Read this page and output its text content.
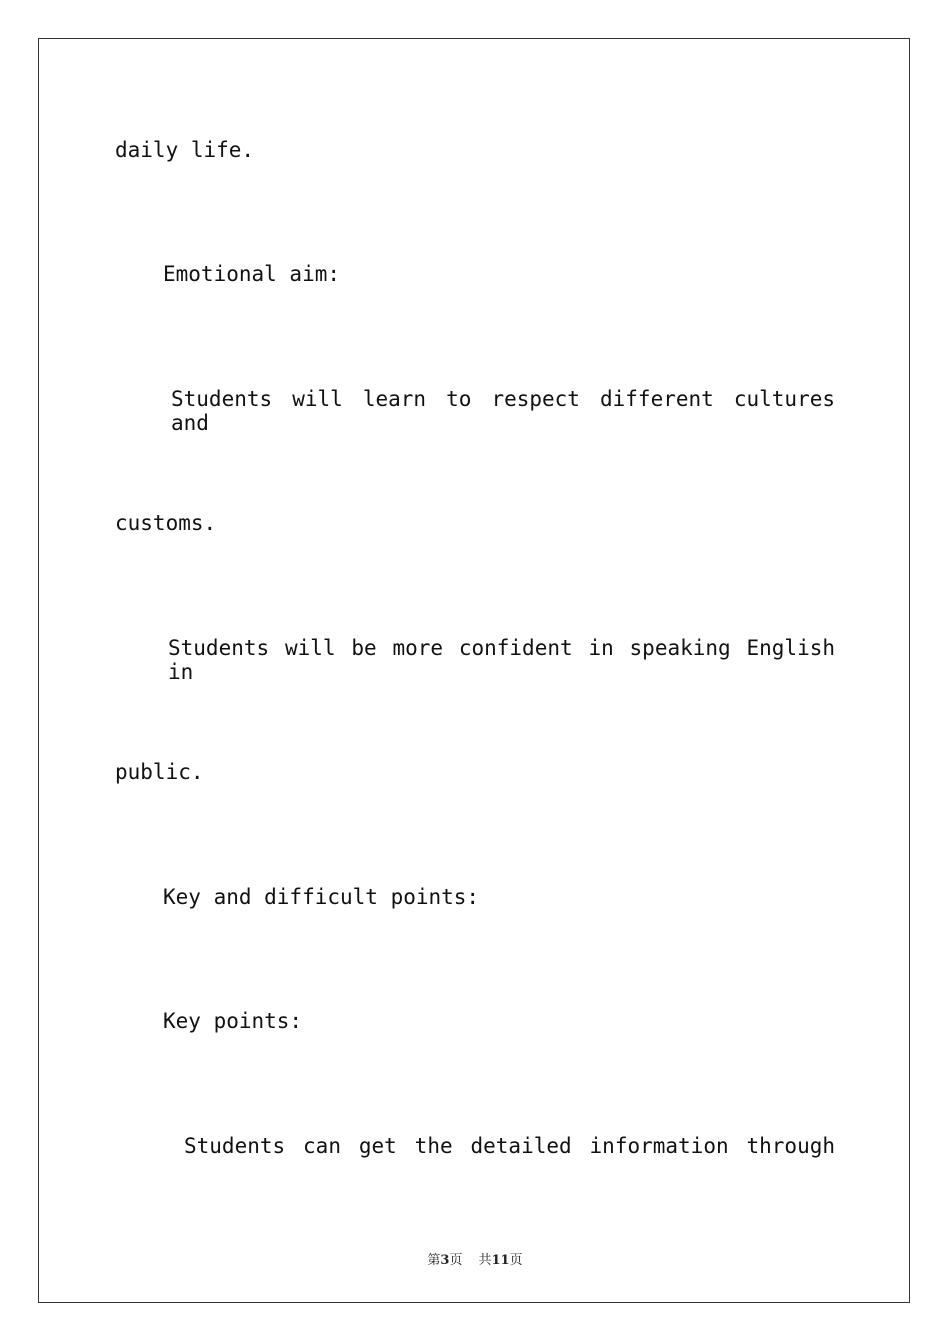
daily life.

Emotional aim:

Students will learn to respect different cultures and

customs.

Students will be more confident in speaking English in

public.

Key and difficult points:

Key points:

Students can get the detailed information through

第3页 共11页
